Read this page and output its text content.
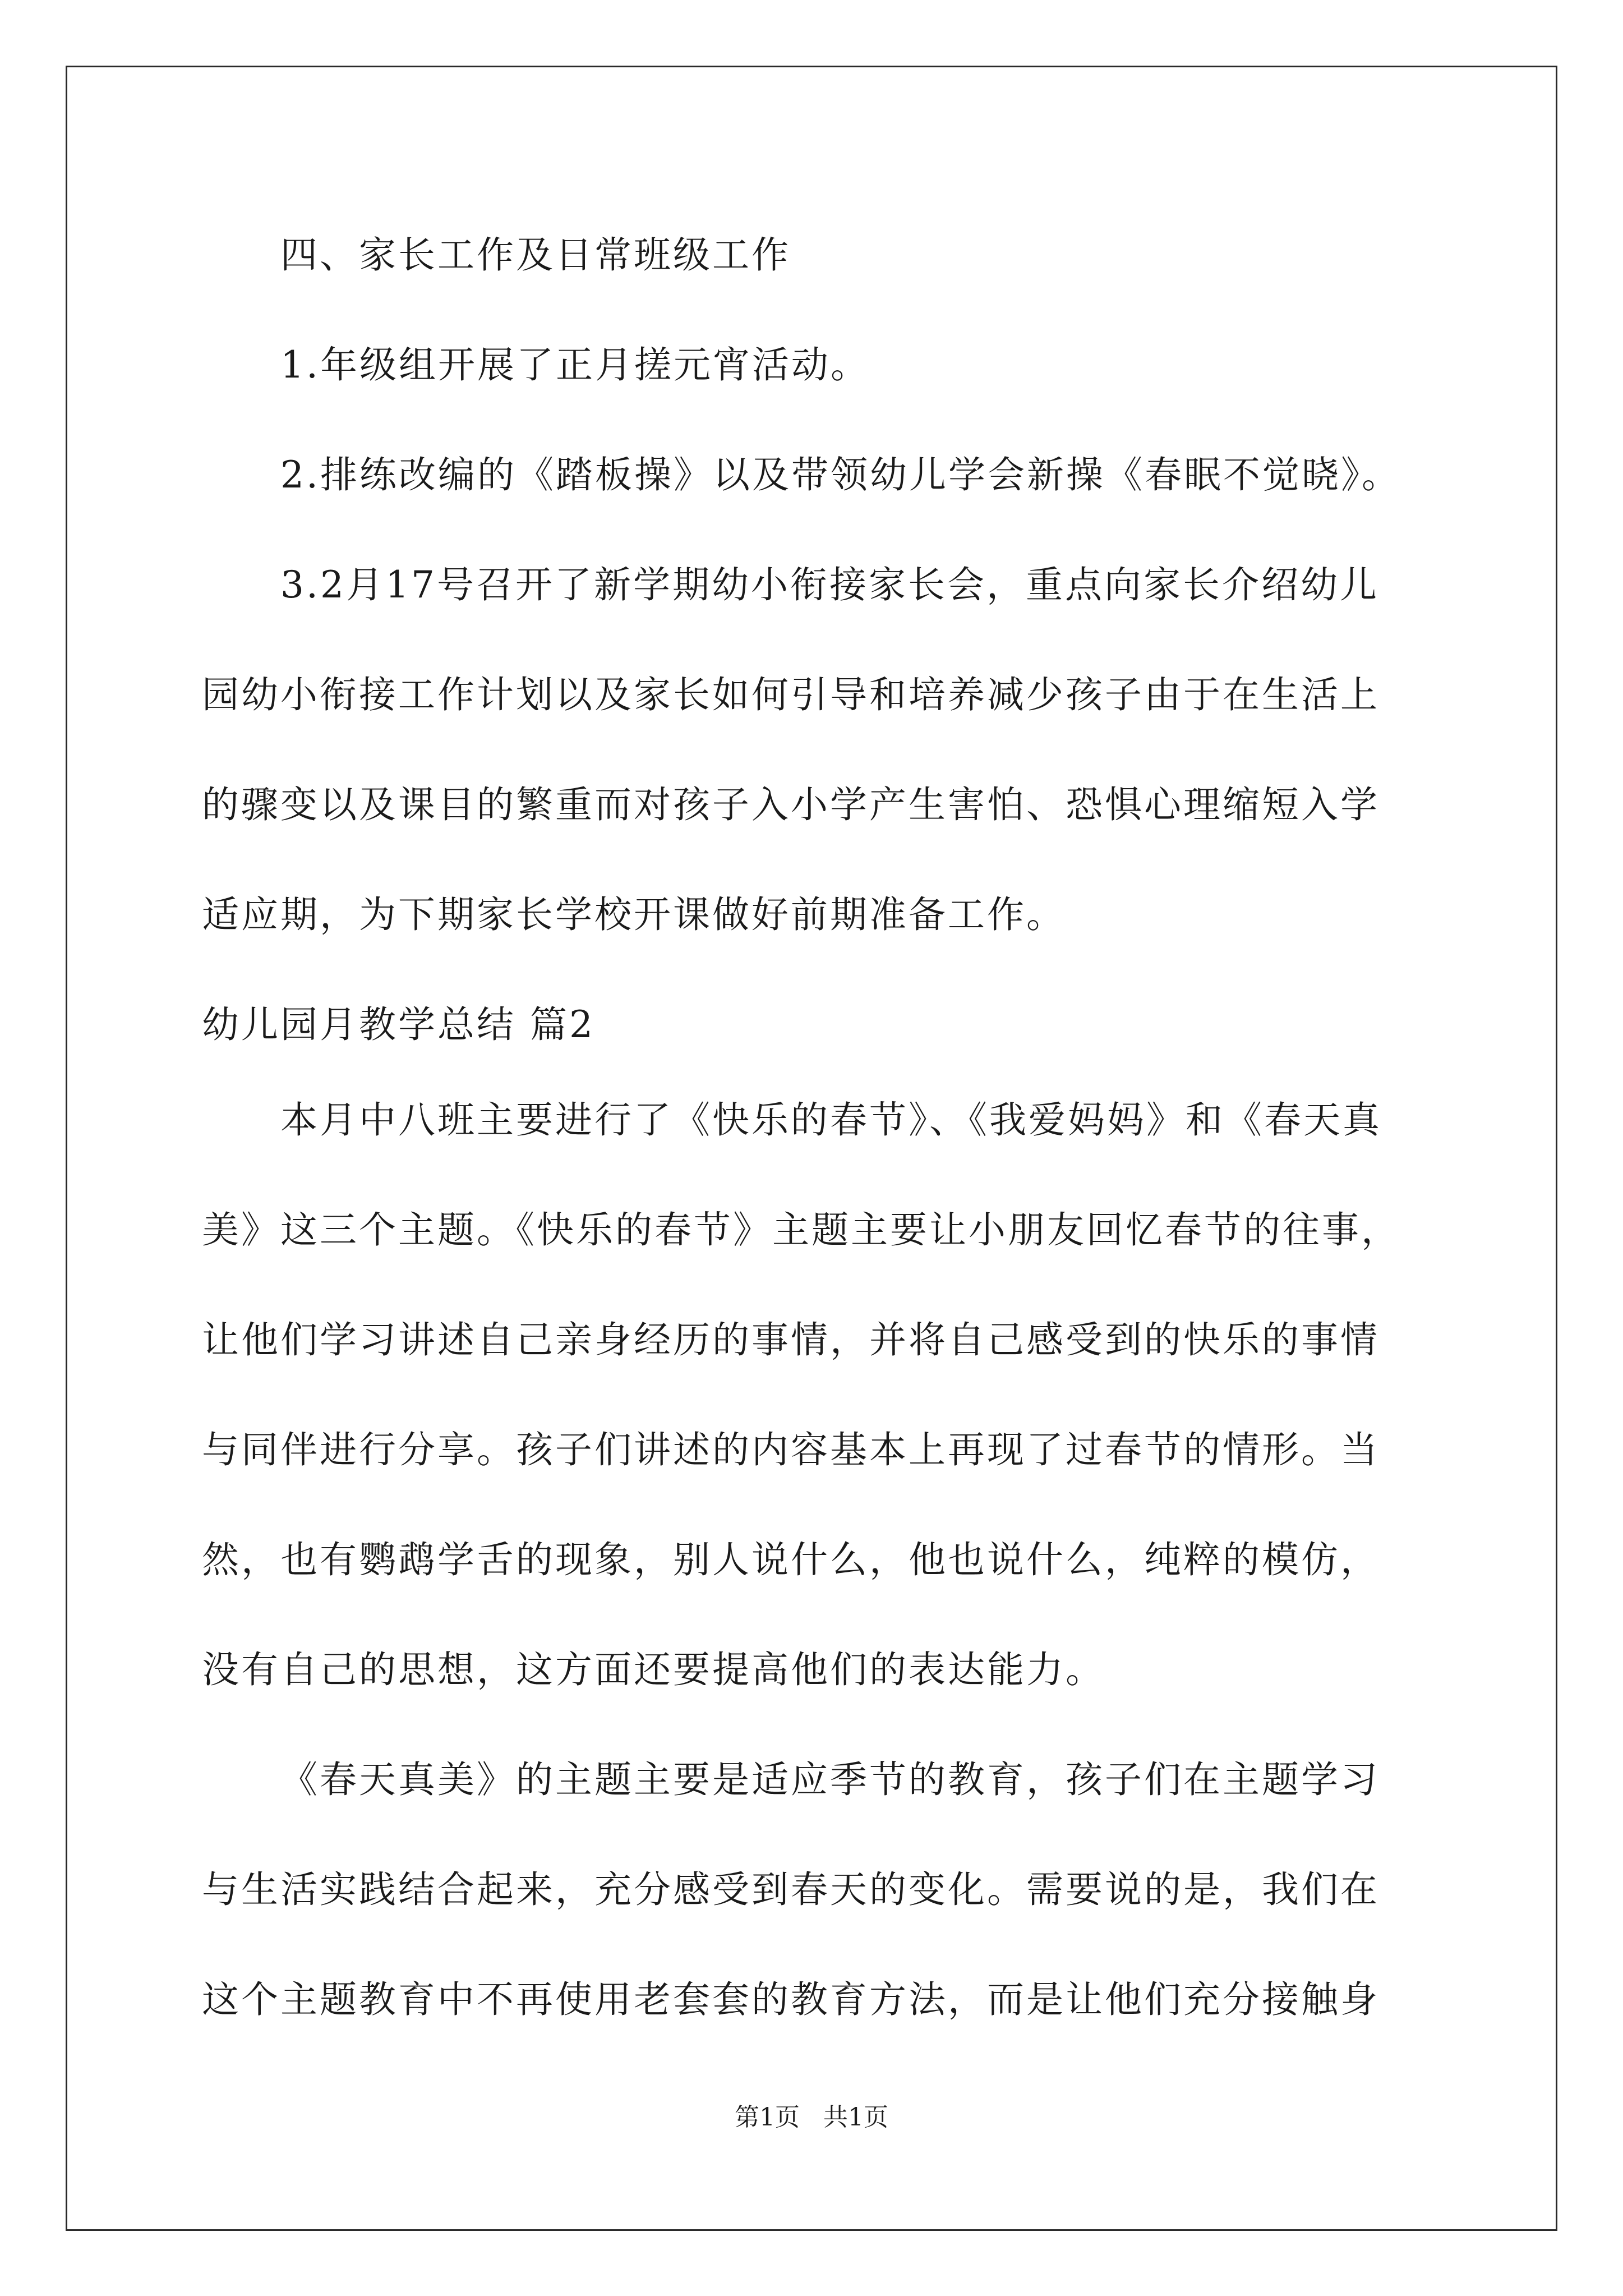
四、家长工作及日常班级工作
1.年级组开展了正月搓元宵活动。
2.排练改编的《踏板操》以及带领幼儿学会新操《春眠不觉晓》。
3.2月17号召开了新学期幼小衔接家长会，重点向家长介绍幼儿
园幼小衔接工作计划以及家长如何引导和培养减少孩子由于在生活上
的骤变以及课目的繁重而对孩子入小学产生害怕、恐惧心理缩短入学
适应期，为下期家长学校开课做好前期准备工作。
幼儿园月教学总结 篇2
本月中八班主要进行了《快乐的春节》、《我爱妈妈》和《春天真
美》这三个主题。《快乐的春节》主题主要让小朋友回忆春节的往事，
让他们学习讲述自己亲身经历的事情，并将自己感受到的快乐的事情
与同伴进行分享。孩子们讲述的内容基本上再现了过春节的情形。当
然，也有鹦鹉学舌的现象，别人说什么，他也说什么，纯粹的模仿，
没有自己的思想，这方面还要提高他们的表达能力。
《春天真美》的主题主要是适应季节的教育，孩子们在主题学习
与生活实践结合起来，充分感受到春天的变化。需要说的是，我们在
这个主题教育中不再使用老套套的教育方法，而是让他们充分接触身
第1页 共1页
